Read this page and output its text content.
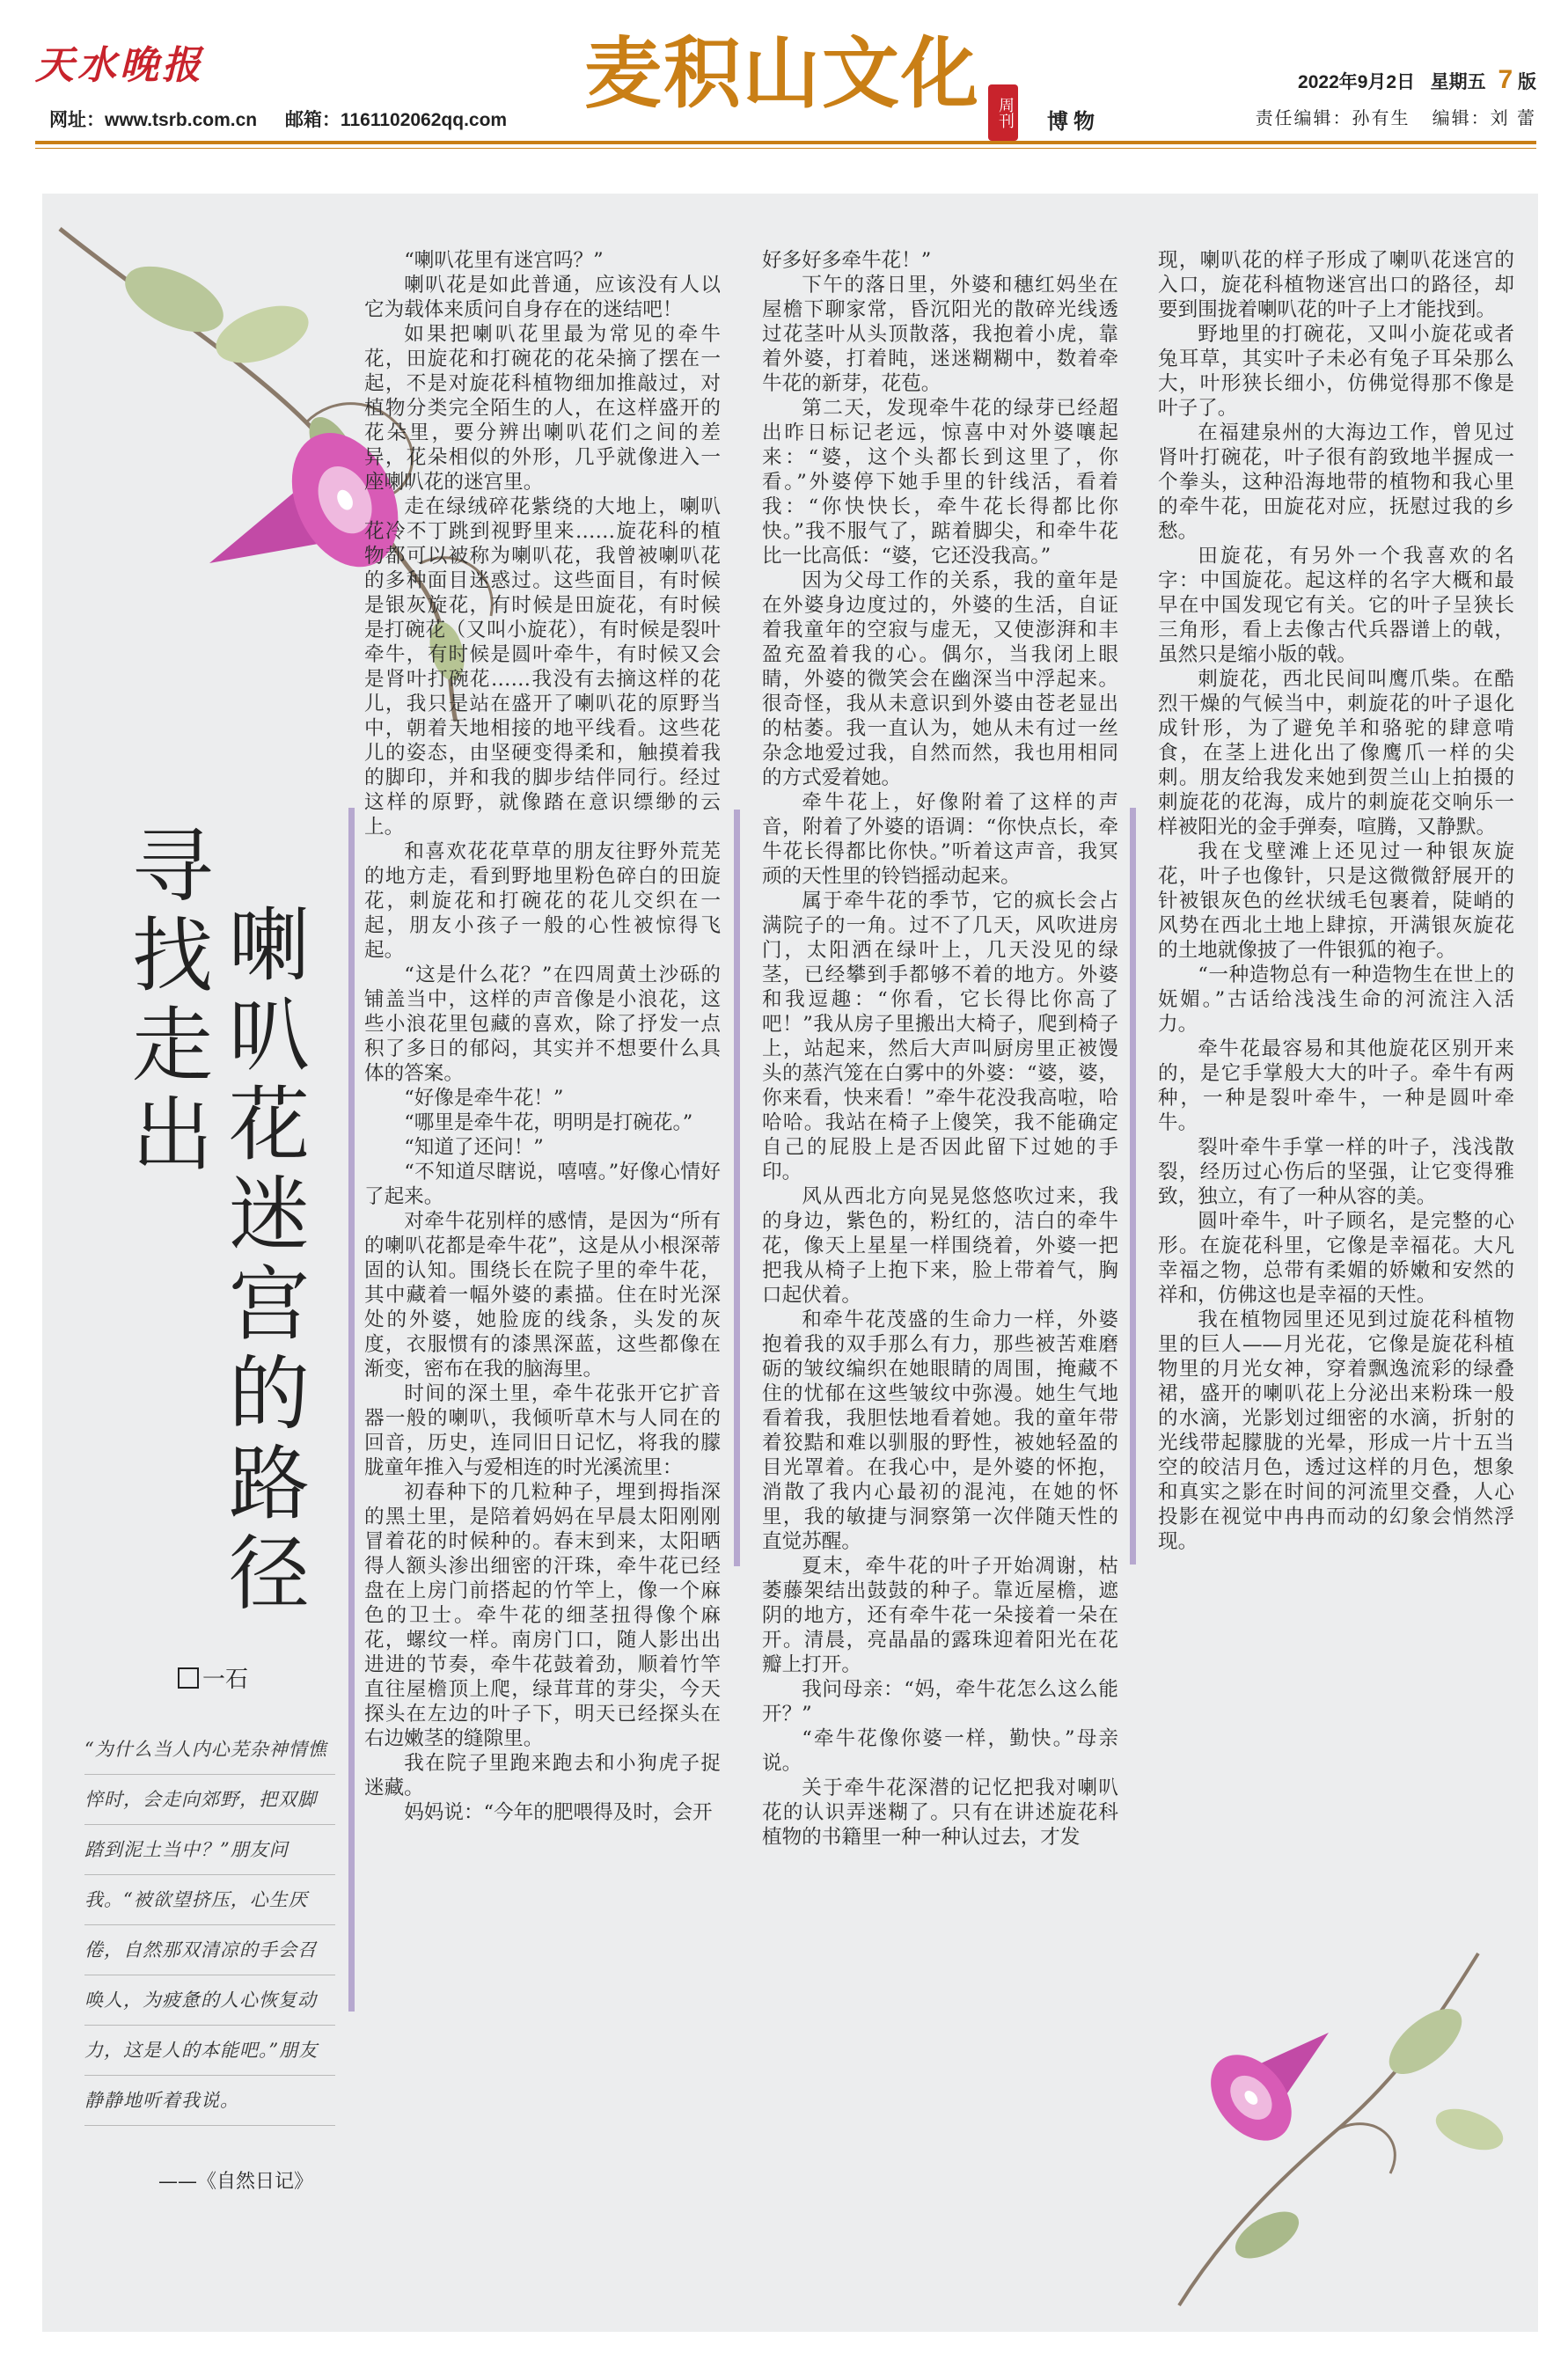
天水晚报
网址：www.tsrb.com.cn 邮箱：1161102062qq.com
麦积山文化 周刊 博物
2022年9月2日 星期五 7 版
责任编辑：孙有生 编辑：刘 蕾
喇叭花迷宫的路径
寻找走出
一石

“为什么当人内心芜杂神情憔悴时，会走向郊野，把双脚踏到泥土当中？”朋友问我。“被欲望挤压，心生厌倦，自然那双清凉的手会召唤人，为疲惫的人心恢复动力，这是人的本能吧。”朋友静静地听着我说。

——《自然日记》

“喇叭花里有迷宫吗？”

喇叭花是如此普通，应该没有人以它为载体来质问自身存在的迷结吧！

如果把喇叭花里最为常见的牵牛花，田旋花和打碗花的花朵摘了摆在一起，不是对旋花科植物细加推敲过，对植物分类完全陌生的人，在这样盛开的花朵里，要分辨出喇叭花们之间的差异，花朵相似的外形，几乎就像进入一座喇叭花的迷宫里。

走在绿绒碎花紫绕的大地上，喇叭花冷不丁跳到视野里来……旋花科的植物都可以被称为喇叭花，我曾被喇叭花的多种面目迷惑过。这些面目，有时候是银灰旋花，有时候是田旋花，有时候是打碗花（又叫小旋花），有时候是裂叶牵牛，有时候是圆叶牵牛，有时候又会是肾叶打碗花……我没有去摘这样的花儿，我只是站在盛开了喇叭花的原野当中，朝着天地相接的地平线看。这些花儿的姿态，由坚硬变得柔和，触摸着我的脚印，并和我的脚步结伴同行。经过这样的原野，就像踏在意识缥缈的云上。

和喜欢花花草草的朋友往野外荒芜的地方走，看到野地里粉色碎白的田旋花，刺旋花和打碗花的花儿交织在一起，朋友小孩子一般的心性被惊得飞起。

“这是什么花？”在四周黄土沙砾的铺盖当中，这样的声音像是小浪花，这些小浪花里包藏的喜欢，除了抒发一点积了多日的郁闷，其实并不想要什么具体的答案。

“好像是牵牛花！”

“哪里是牵牛花，明明是打碗花。”

“知道了还问！”

“不知道尽瞎说，嘻嘻。”好像心情好了起来。

对牵牛花别样的感情，是因为“所有的喇叭花都是牵牛花”，这是从小根深蒂固的认知。围绕长在院子里的牵牛花，其中藏着一幅外婆的素描。住在时光深处的外婆，她脸庞的线条，头发的灰度，衣服惯有的漆黑深蓝，这些都像在渐变，密布在我的脑海里。

时间的深土里，牵牛花张开它扩音器一般的喇叭，我倾听草木与人同在的回音，历史，连同旧日记忆，将我的朦胧童年推入与爱相连的时光溪流里：

初春种下的几粒种子，埋到拇指深的黑土里，是陪着妈妈在早晨太阳刚刚冒着花的时候种的。春末到来，太阳晒得人额头渗出细密的汗珠，牵牛花已经盘在上房门前搭起的竹竿上，像一个麻色的卫士。牵牛花的细茎扭得像个麻花，螺纹一样。南房门口，随人影出出进进的节奏，牵牛花鼓着劲，顺着竹竿直往屋檐顶上爬，绿茸茸的芽尖，今天探头在左边的叶子下，明天已经探头在右边嫩茎的缝隙里。

我在院子里跑来跑去和小狗虎子捉迷藏。

妈妈说：“今年的肥喂得及时，会开

好多好多牵牛花！”

下午的落日里，外婆和穗红妈坐在屋檐下聊家常，昏沉阳光的散碎光线透过花茎叶从头顶散落，我抱着小虎，靠着外婆，打着盹，迷迷糊糊中，数着牵牛花的新芽，花苞。

第二天，发现牵牛花的绿芽已经超出昨日标记老远，惊喜中对外婆嚷起来：“婆，这个头都长到这里了，你看。”外婆停下她手里的针线活，看着我：“你快快长，牵牛花长得都比你快。”我不服气了，踮着脚尖，和牵牛花比一比高低：“婆，它还没我高。”

因为父母工作的关系，我的童年是在外婆身边度过的，外婆的生活，自证着我童年的空寂与虚无，又使澎湃和丰盈充盈着我的心。偶尔，当我闭上眼睛，外婆的微笑会在幽深当中浮起来。很奇怪，我从未意识到外婆由苍老显出的枯萎。我一直认为，她从未有过一丝杂念地爱过我，自然而然，我也用相同的方式爱着她。

牵牛花上，好像附着了这样的声音，附着了外婆的语调：“你快点长，牵牛花长得都比你快。”听着这声音，我冥顽的天性里的铃铛摇动起来。

属于牵牛花的季节，它的疯长会占满院子的一角。过不了几天，风吹进房门，太阳洒在绿叶上，几天没见的绿茎，已经攀到手都够不着的地方。外婆和我逗趣：“你看，它长得比你高了吧！”我从房子里搬出大椅子，爬到椅子上，站起来，然后大声叫厨房里正被馒头的蒸汽笼在白雾中的外婆：“婆，婆，你来看，快来看！”牵牛花没我高啦，哈哈哈。我站在椅子上傻笑，我不能确定自己的屁股上是否因此留下过她的手印。

风从西北方向晃晃悠悠吹过来，我的身边，紫色的，粉红的，洁白的牵牛花，像天上星星一样围绕着，外婆一把把我从椅子上抱下来，脸上带着气，胸口起伏着。

和牵牛花茂盛的生命力一样，外婆抱着我的双手那么有力，那些被苦难磨砺的皱纹编织在她眼睛的周围，掩藏不住的忧郁在这些皱纹中弥漫。她生气地看着我，我胆怯地看着她。我的童年带着狡黠和难以驯服的野性，被她轻盈的目光罩着。在我心中，是外婆的怀抱，消散了我内心最初的混沌，在她的怀里，我的敏捷与洞察第一次伴随天性的直觉苏醒。

夏末，牵牛花的叶子开始凋谢，枯萎藤架结出鼓鼓的种子。靠近屋檐，遮阴的地方，还有牵牛花一朵接着一朵在开。清晨，亮晶晶的露珠迎着阳光在花瓣上打开。

我问母亲：“妈，牵牛花怎么这么能开？”

“牵牛花像你婆一样，勤快。”母亲说。

关于牵牛花深潜的记忆把我对喇叭花的认识弄迷糊了。只有在讲述旋花科植物的书籍里一种一种认过去，才发

现，喇叭花的样子形成了喇叭花迷宫的入口，旋花科植物迷宫出口的路径，却要到围拢着喇叭花的叶子上才能找到。

野地里的打碗花，又叫小旋花或者兔耳草，其实叶子未必有兔子耳朵那么大，叶形狭长细小，仿佛觉得那不像是叶子了。

在福建泉州的大海边工作，曾见过肾叶打碗花，叶子很有韵致地半握成一个拳头，这种沿海地带的植物和我心里的牵牛花，田旋花对应，抚慰过我的乡愁。

田旋花，有另外一个我喜欢的名字：中国旋花。起这样的名字大概和最早在中国发现它有关。它的叶子呈狭长三角形，看上去像古代兵器谱上的戟，虽然只是缩小版的戟。

刺旋花，西北民间叫鹰爪柴。在酷烈干燥的气候当中，刺旋花的叶子退化成针形，为了避免羊和骆驼的肆意啃食，在茎上进化出了像鹰爪一样的尖刺。朋友给我发来她到贺兰山上拍摄的刺旋花的花海，成片的刺旋花交响乐一样被阳光的金手弹奏，喧腾，又静默。

我在戈壁滩上还见过一种银灰旋花，叶子也像针，只是这微微舒展开的针被银灰色的丝状绒毛包裹着，陡峭的风势在西北土地上肆掠，开满银灰旋花的土地就像披了一件银狐的袍子。

“一种造物总有一种造物生在世上的妩媚。”古话给浅浅生命的河流注入活力。

牵牛花最容易和其他旋花区别开来的，是它手掌般大大的叶子。牵牛有两种，一种是裂叶牵牛，一种是圆叶牵牛。

裂叶牵牛手掌一样的叶子，浅浅散裂，经历过心伤后的坚强，让它变得雅致，独立，有了一种从容的美。

圆叶牵牛，叶子顾名，是完整的心形。在旋花科里，它像是幸福花。大凡幸福之物，总带有柔媚的娇嫩和安然的祥和，仿佛这也是幸福的天性。

我在植物园里还见到过旋花科植物里的巨人——月光花，它像是旋花科植物里的月光女神，穿着飘逸流彩的绿叠裙，盛开的喇叭花上分泌出来粉珠一般的水滴，光影划过细密的水滴，折射的光线带起朦胧的光晕，形成一片十五当空的皎洁月色，透过这样的月色，想象和真实之影在时间的河流里交叠，人心投影在视觉中冉冉而动的幻象会悄然浮现。
